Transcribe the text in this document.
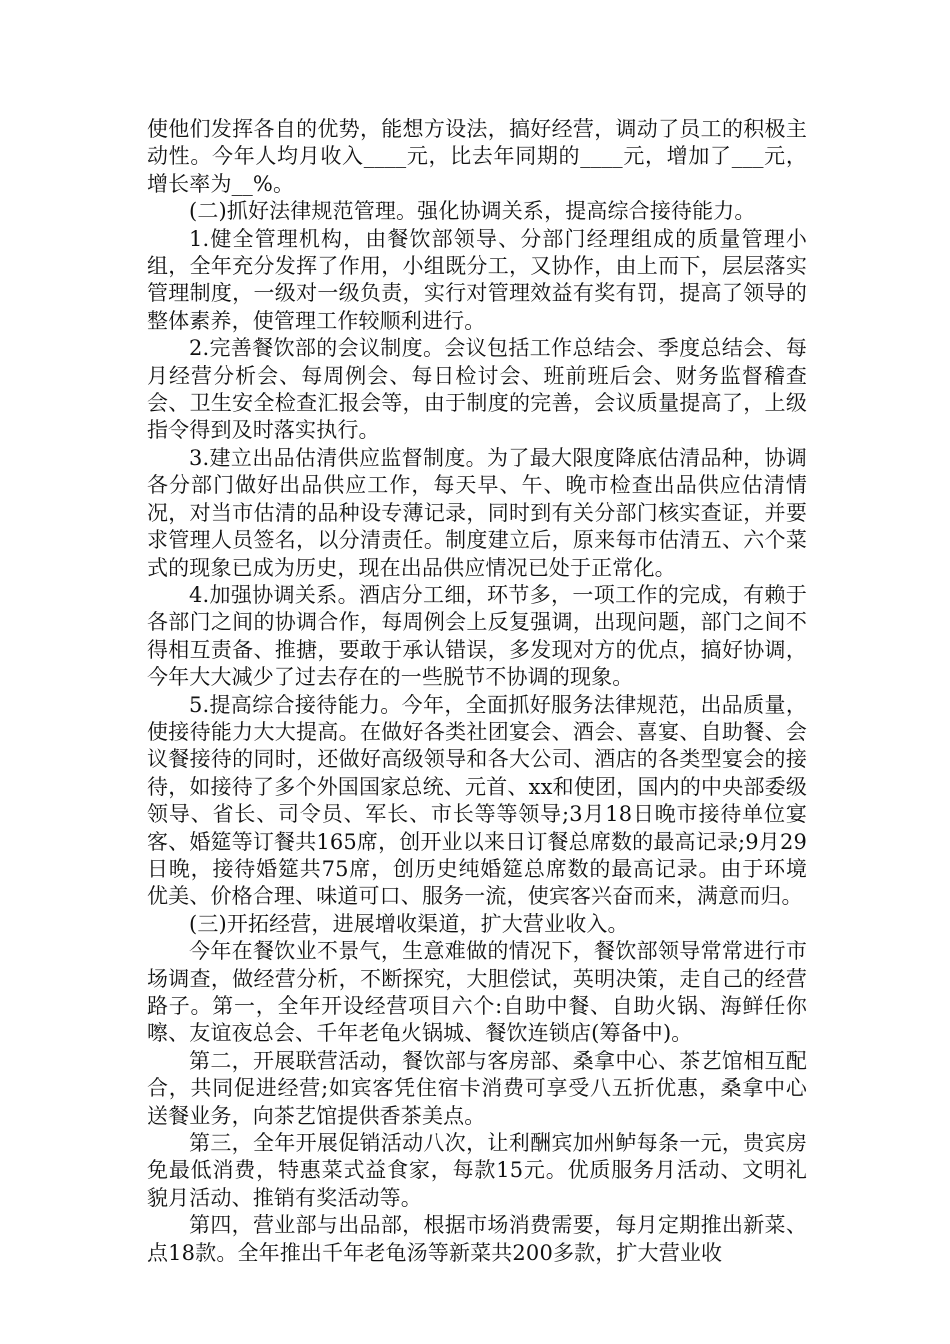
使他们发挥各自的优势，能想方设法，搞好经营，调动了员工的积极主动性。今年人均月收入____元，比去年同期的____元，增加了___元，增长率为__%。

(二)抓好法律规范管理。强化协调关系，提高综合接待能力。

1.健全管理机构，由餐饮部领导、分部门经理组成的质量管理小组，全年充分发挥了作用，小组既分工，又协作，由上而下，层层落实管理制度，一级对一级负责，实行对管理效益有奖有罚，提高了领导的整体素养，使管理工作较顺利进行。

2.完善餐饮部的会议制度。会议包括工作总结会、季度总结会、每月经营分析会、每周例会、每日检讨会、班前班后会、财务监督稽查会、卫生安全检查汇报会等，由于制度的完善，会议质量提高了，上级指令得到及时落实执行。

3.建立出品估清供应监督制度。为了最大限度降底估清品种，协调各分部门做好出品供应工作，每天早、午、晚市检查出品供应估清情况，对当市估清的品种设专薄记录，同时到有关分部门核实查证，并要求管理人员签名，以分清责任。制度建立后，原来每市估清五、六个菜式的现象已成为历史，现在出品供应情况已处于正常化。

4.加强协调关系。酒店分工细，环节多，一项工作的完成，有赖于各部门之间的协调合作，每周例会上反复强调，出现问题，部门之间不得相互责备、推搪，要敢于承认错误，多发现对方的优点，搞好协调，今年大大减少了过去存在的一些脱节不协调的现象。

5.提高综合接待能力。今年，全面抓好服务法律规范，出品质量，使接待能力大大提高。在做好各类社团宴会、酒会、喜宴、自助餐、会议餐接待的同时，还做好高级领导和各大公司、酒店的各类型宴会的接待，如接待了多个外国国家总统、元首、xx和使团，国内的中央部委级领导、省长、司令员、军长、市长等等领导;3月18日晚市接待单位宴客、婚筵等订餐共165席，创开业以来日订餐总席数的最高记录;9月29日晚，接待婚筵共75席，创历史纯婚筵总席数的最高记录。由于环境优美、价格合理、味道可口、服务一流，使宾客兴奋而来，满意而归。

(三)开拓经营，进展增收渠道，扩大营业收入。

今年在餐饮业不景气，生意难做的情况下，餐饮部领导常常进行市场调查，做经营分析，不断探究，大胆偿试，英明决策，走自己的经营路子。第一，全年开设经营项目六个:自助中餐、自助火锅、海鲜任你嚓、友谊夜总会、千年老龟火锅城、餐饮连锁店(筹备中)。

第二，开展联营活动，餐饮部与客房部、桑拿中心、茶艺馆相互配合，共同促进经营;如宾客凭住宿卡消费可享受八五折优惠，桑拿中心送餐业务，向茶艺馆提供香茶美点。

第三，全年开展促销活动八次，让利酬宾加州鲈每条一元，贵宾房免最低消费，特惠菜式益食家，每款15元。优质服务月活动、文明礼貌月活动、推销有奖活动等。

第四，营业部与出品部，根据市场消费需要，每月定期推出新菜、点18款。全年推出千年老龟汤等新菜共200多款，扩大营业收
